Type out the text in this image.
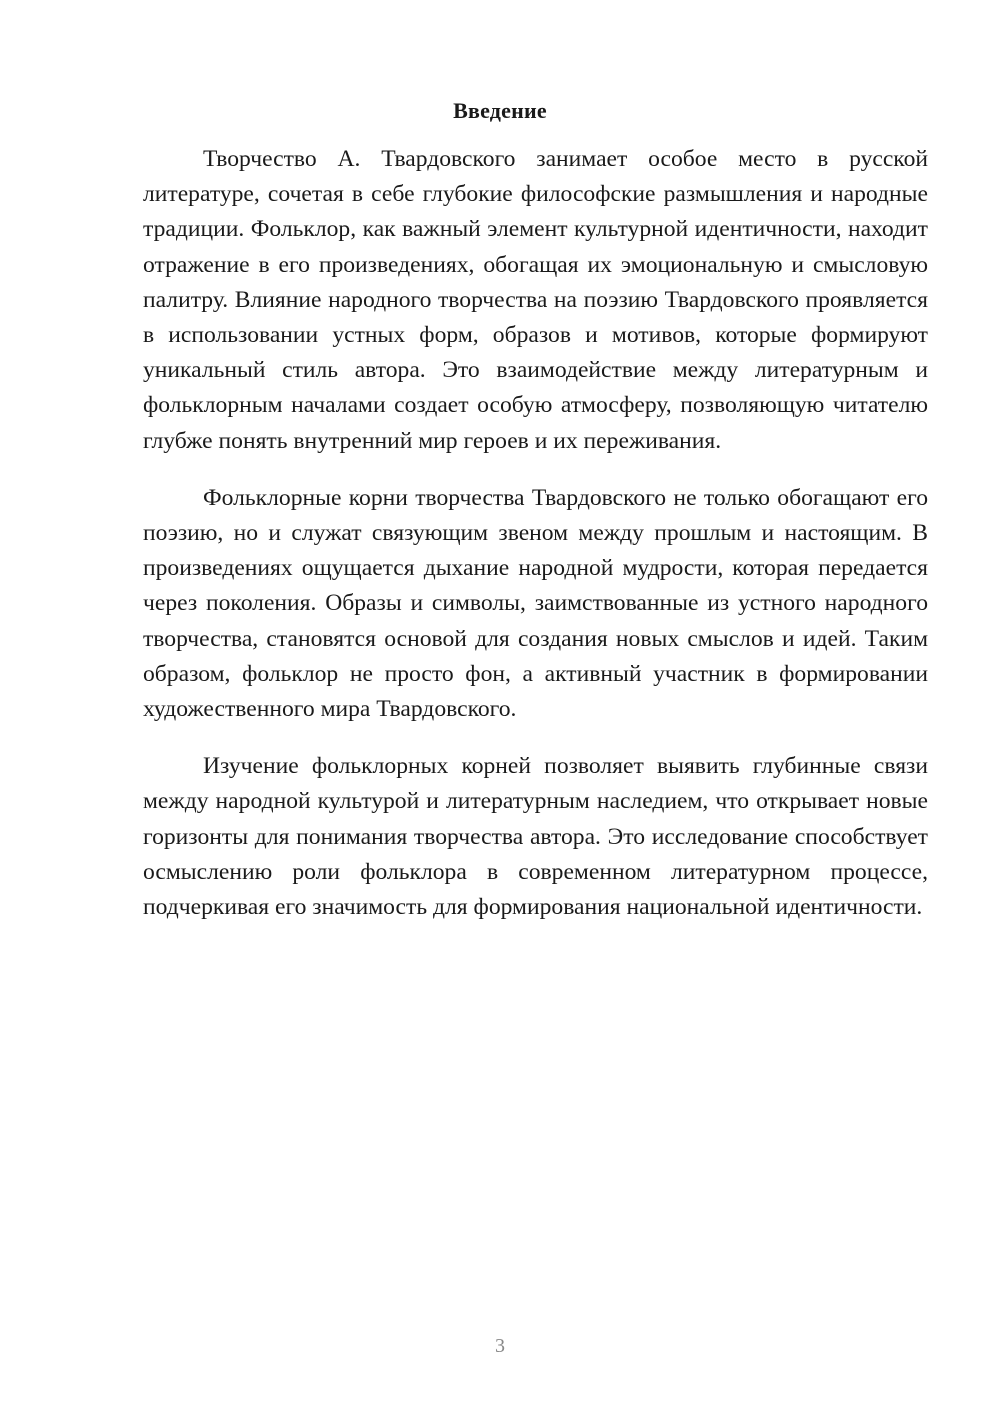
Введение

Творчество А. Твардовского занимает особое место в русской литературе, сочетая в себе глубокие философские размышления и народные традиции. Фольклор, как важный элемент культурной идентичности, находит отражение в его произведениях, обогащая их эмоциональную и смысловую палитру. Влияние народного творчества на поэзию Твардовского проявляется в использовании устных форм, образов и мотивов, которые формируют уникальный стиль автора. Это взаимодействие между литературным и фольклорным началами создает особую атмосферу, позволяющую читателю глубже понять внутренний мир героев и их переживания.

Фольклорные корни творчества Твардовского не только обогащают его поэзию, но и служат связующим звеном между прошлым и настоящим. В произведениях ощущается дыхание народной мудрости, которая передается через поколения. Образы и символы, заимствованные из устного народного творчества, становятся основой для создания новых смыслов и идей. Таким образом, фольклор не просто фон, а активный участник в формировании художественного мира Твардовского.

Изучение фольклорных корней позволяет выявить глубинные связи между народной культурой и литературным наследием, что открывает новые горизонты для понимания творчества автора. Это исследование способствует осмыслению роли фольклора в современном литературном процессе, подчеркивая его значимость для формирования национальной идентичности.

3
